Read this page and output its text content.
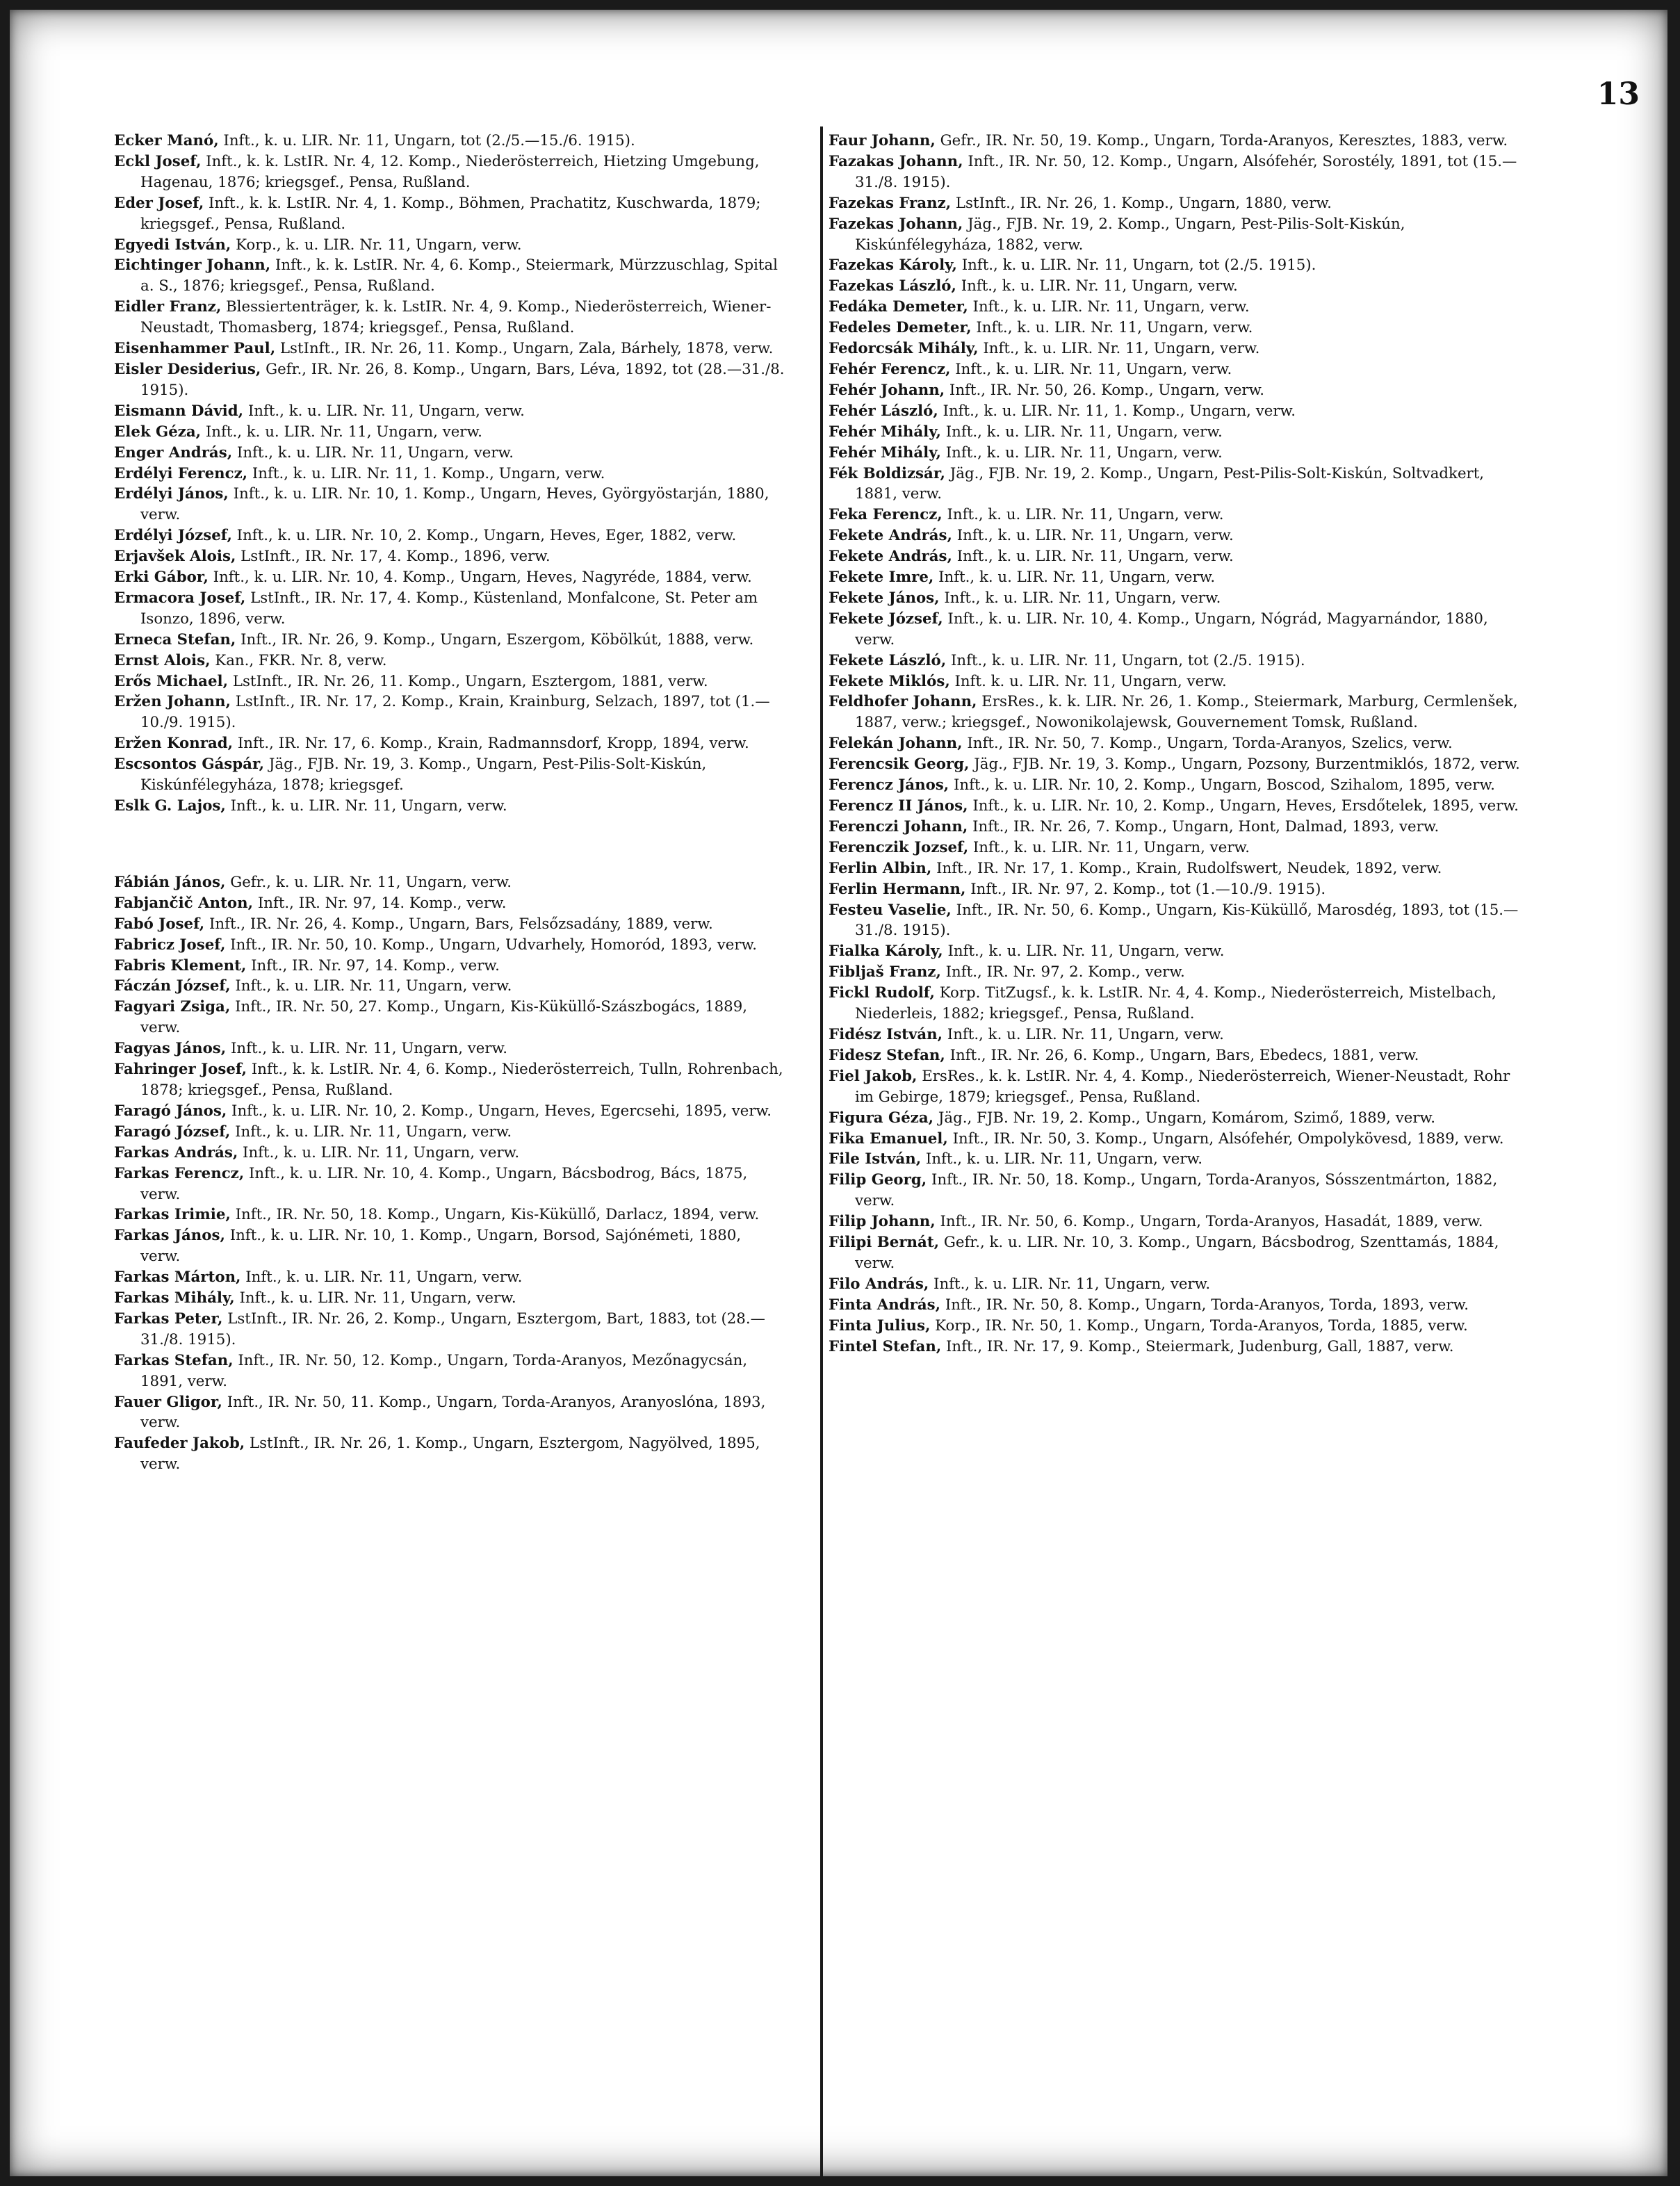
13

Ecker Manó, Inft., k. u. LIR. Nr. 11, Ungarn, tot (2./5.—15./6. 1915).

Eckl Josef, Inft., k. k. LstIR. Nr. 4, 12. Komp., Niederösterreich, Hietzing Umgebung, Hagenau, 1876; kriegsgef., Pensa, Rußland.

Eder Josef, Inft., k. k. LstIR. Nr. 4, 1. Komp., Böhmen, Prachatitz, Kuschwarda, 1879; kriegsgef., Pensa, Rußland.

Egyedi István, Korp., k. u. LIR. Nr. 11, Ungarn, verw.

Eichtinger Johann, Inft., k. k. LstIR. Nr. 4, 6. Komp., Steiermark, Mürzzuschlag, Spital a. S., 1876; kriegsgef., Pensa, Rußland.

Eidler Franz, Blessiertenträger, k. k. LstIR. Nr. 4, 9. Komp., Niederösterreich, Wiener-Neustadt, Thomasberg, 1874; kriegsgef., Pensa, Rußland.

Eisenhammer Paul, LstInft., IR. Nr. 26, 11. Komp., Ungarn, Zala, Bárhely, 1878, verw.

Eisler Desiderius, Gefr., IR. Nr. 26, 8. Komp., Ungarn, Bars, Léva, 1892, tot (28.—31./8. 1915).

Eismann Dávid, Inft., k. u. LIR. Nr. 11, Ungarn, verw.

Elek Géza, Inft., k. u. LIR. Nr. 11, Ungarn, verw.

Enger András, Inft., k. u. LIR. Nr. 11, Ungarn, verw.

Erdélyi Ferencz, Inft., k. u. LIR. Nr. 11, 1. Komp., Ungarn, verw.

Erdélyi János, Inft., k. u. LIR. Nr. 10, 1. Komp., Ungarn, Heves, Györgyöstarján, 1880, verw.

Erdélyi József, Inft., k. u. LIR. Nr. 10, 2. Komp., Ungarn, Heves, Eger, 1882, verw.

Erjavšek Alois, LstInft., IR. Nr. 17, 4. Komp., 1896, verw.

Erki Gábor, Inft., k. u. LIR. Nr. 10, 4. Komp., Ungarn, Heves, Nagyréde, 1884, verw.

Ermacora Josef, LstInft., IR. Nr. 17, 4. Komp., Küstenland, Monfalcone, St. Peter am Isonzo, 1896, verw.

Erneca Stefan, Inft., IR. Nr. 26, 9. Komp., Ungarn, Eszergom, Köbölkút, 1888, verw.

Ernst Alois, Kan., FKR. Nr. 8, verw.

Erős Michael, LstInft., IR. Nr. 26, 11. Komp., Ungarn, Esztergom, 1881, verw.

Eržen Johann, LstInft., IR. Nr. 17, 2. Komp., Krain, Krainburg, Selzach, 1897, tot (1.—10./9. 1915).

Eržen Konrad, Inft., IR. Nr. 17, 6. Komp., Krain, Radmannsdorf, Kropp, 1894, verw.

Escsontos Gáspár, Jäg., FJB. Nr. 19, 3. Komp., Ungarn, Pest-Pilis-Solt-Kiskún, Kiskúnfélegyháza, 1878; kriegsgef.

Eslk G. Lajos, Inft., k. u. LIR. Nr. 11, Ungarn, verw.

Fábián János, Gefr., k. u. LIR. Nr. 11, Ungarn, verw.

Fabjančič Anton, Inft., IR. Nr. 97, 14. Komp., verw.

Fabó Josef, Inft., IR. Nr. 26, 4. Komp., Ungarn, Bars, Felsőzsadány, 1889, verw.

Fabricz Josef, Inft., IR. Nr. 50, 10. Komp., Ungarn, Udvarhely, Homoród, 1893, verw.

Fabris Klement, Inft., IR. Nr. 97, 14. Komp., verw.

Fáczán József, Inft., k. u. LIR. Nr. 11, Ungarn, verw.

Fagyari Zsiga, Inft., IR. Nr. 50, 27. Komp., Ungarn, Kis-Küküllő-Szászbogács, 1889, verw.

Fagyas János, Inft., k. u. LIR. Nr. 11, Ungarn, verw.

Fahringer Josef, Inft., k. k. LstIR. Nr. 4, 6. Komp., Niederösterreich, Tulln, Rohrenbach, 1878; kriegsgef., Pensa, Rußland.

Faragó János, Inft., k. u. LIR. Nr. 10, 2. Komp., Ungarn, Heves, Egercsehi, 1895, verw.

Faragó József, Inft., k. u. LIR. Nr. 11, Ungarn, verw.

Farkas András, Inft., k. u. LIR. Nr. 11, Ungarn, verw.

Farkas Ferencz, Inft., k. u. LIR. Nr. 10, 4. Komp., Ungarn, Bácsbodrog, Bács, 1875, verw.

Farkas Irimie, Inft., IR. Nr. 50, 18. Komp., Ungarn, Kis-Küküllő, Darlacz, 1894, verw.

Farkas János, Inft., k. u. LIR. Nr. 10, 1. Komp., Ungarn, Borsod, Sajónémeti, 1880, verw.

Farkas Márton, Inft., k. u. LIR. Nr. 11, Ungarn, verw.

Farkas Mihály, Inft., k. u. LIR. Nr. 11, Ungarn, verw.

Farkas Peter, LstInft., IR. Nr. 26, 2. Komp., Ungarn, Esztergom, Bart, 1883, tot (28.—31./8. 1915).

Farkas Stefan, Inft., IR. Nr. 50, 12. Komp., Ungarn, Torda-Aranyos, Mezőnagycsán, 1891, verw.

Fauer Gligor, Inft., IR. Nr. 50, 11. Komp., Ungarn, Torda-Aranyos, Aranyoslóna, 1893, verw.

Faufeder Jakob, LstInft., IR. Nr. 26, 1. Komp., Ungarn, Esztergom, Nagyölved, 1895, verw.

Faur Johann, Gefr., IR. Nr. 50, 19. Komp., Ungarn, Torda-Aranyos, Keresztes, 1883, verw.

Fazakas Johann, Inft., IR. Nr. 50, 12. Komp., Ungarn, Alsófehér, Sorostély, 1891, tot (15.—31./8. 1915).

Fazekas Franz, LstInft., IR. Nr. 26, 1. Komp., Ungarn, 1880, verw.

Fazekas Johann, Jäg., FJB. Nr. 19, 2. Komp., Ungarn, Pest-Pilis-Solt-Kiskún, Kiskúnfélegyháza, 1882, verw.

Fazekas Károly, Inft., k. u. LIR. Nr. 11, Ungarn, tot (2./5. 1915).

Fazekas László, Inft., k. u. LIR. Nr. 11, Ungarn, verw.

Fedáka Demeter, Inft., k. u. LIR. Nr. 11, Ungarn, verw.

Fedeles Demeter, Inft., k. u. LIR. Nr. 11, Ungarn, verw.

Fedorcsák Mihály, Inft., k. u. LIR. Nr. 11, Ungarn, verw.

Fehér Ferencz, Inft., k. u. LIR. Nr. 11, Ungarn, verw.

Fehér Johann, Inft., IR. Nr. 50, 26. Komp., Ungarn, verw.

Fehér László, Inft., k. u. LIR. Nr. 11, 1. Komp., Ungarn, verw.

Fehér Mihály, Inft., k. u. LIR. Nr. 11, Ungarn, verw.

Fehér Mihály, Inft., k. u. LIR. Nr. 11, Ungarn, verw.

Fék Boldizsár, Jäg., FJB. Nr. 19, 2. Komp., Ungarn, Pest-Pilis-Solt-Kiskún, Soltvadkert, 1881, verw.

Feka Ferencz, Inft., k. u. LIR. Nr. 11, Ungarn, verw.

Fekete András, Inft., k. u. LIR. Nr. 11, Ungarn, verw.

Fekete András, Inft., k. u. LIR. Nr. 11, Ungarn, verw.

Fekete Imre, Inft., k. u. LIR. Nr. 11, Ungarn, verw.

Fekete János, Inft., k. u. LIR. Nr. 11, Ungarn, verw.

Fekete József, Inft., k. u. LIR. Nr. 10, 4. Komp., Ungarn, Nógrád, Magyarnándor, 1880, verw.

Fekete László, Inft., k. u. LIR. Nr. 11, Ungarn, tot (2./5. 1915).

Fekete Miklós, Inft. k. u. LIR. Nr. 11, Ungarn, verw.

Feldhofer Johann, ErsRes., k. k. LIR. Nr. 26, 1. Komp., Steiermark, Marburg, Cermlenšek, 1887, verw.; kriegsgef., Nowonikolajewsk, Gouvernement Tomsk, Rußland.

Felekán Johann, Inft., IR. Nr. 50, 7. Komp., Ungarn, Torda-Aranyos, Szelics, verw.

Ferencsik Georg, Jäg., FJB. Nr. 19, 3. Komp., Ungarn, Pozsony, Burzentmiklós, 1872, verw.

Ferencz János, Inft., k. u. LIR. Nr. 10, 2. Komp., Ungarn, Boscod, Szihalom, 1895, verw.

Ferencz II János, Inft., k. u. LIR. Nr. 10, 2. Komp., Ungarn, Heves, Ersdőtelek, 1895, verw.

Ferenczi Johann, Inft., IR. Nr. 26, 7. Komp., Ungarn, Hont, Dalmad, 1893, verw.

Ferenczik Jozsef, Inft., k. u. LIR. Nr. 11, Ungarn, verw.

Ferlin Albin, Inft., IR. Nr. 17, 1. Komp., Krain, Rudolfswert, Neudek, 1892, verw.

Ferlin Hermann, Inft., IR. Nr. 97, 2. Komp., tot (1.—10./9. 1915).

Festeu Vaselie, Inft., IR. Nr. 50, 6. Komp., Ungarn, Kis-Küküllő, Marosdég, 1893, tot (15.—31./8. 1915).

Fialka Károly, Inft., k. u. LIR. Nr. 11, Ungarn, verw.

Fibljaš Franz, Inft., IR. Nr. 97, 2. Komp., verw.

Fickl Rudolf, Korp. TitZugsf., k. k. LstIR. Nr. 4, 4. Komp., Niederösterreich, Mistelbach, Niederleis, 1882; kriegsgef., Pensa, Rußland.

Fidész István, Inft., k. u. LIR. Nr. 11, Ungarn, verw.

Fidesz Stefan, Inft., IR. Nr. 26, 6. Komp., Ungarn, Bars, Ebedecs, 1881, verw.

Fiel Jakob, ErsRes., k. k. LstIR. Nr. 4, 4. Komp., Niederösterreich, Wiener-Neustadt, Rohr im Gebirge, 1879; kriegsgef., Pensa, Rußland.

Figura Géza, Jäg., FJB. Nr. 19, 2. Komp., Ungarn, Komárom, Szimő, 1889, verw.

Fika Emanuel, Inft., IR. Nr. 50, 3. Komp., Ungarn, Alsófehér, Ompolykövesd, 1889, verw.

File István, Inft., k. u. LIR. Nr. 11, Ungarn, verw.

Filip Georg, Inft., IR. Nr. 50, 18. Komp., Ungarn, Torda-Aranyos, Sósszentmárton, 1882, verw.

Filip Johann, Inft., IR. Nr. 50, 6. Komp., Ungarn, Torda-Aranyos, Hasadát, 1889, verw.

Filipi Bernát, Gefr., k. u. LIR. Nr. 10, 3. Komp., Ungarn, Bácsbodrog, Szenttamás, 1884, verw.

Filo András, Inft., k. u. LIR. Nr. 11, Ungarn, verw.

Finta András, Inft., IR. Nr. 50, 8. Komp., Ungarn, Torda-Aranyos, Torda, 1893, verw.

Finta Julius, Korp., IR. Nr. 50, 1. Komp., Ungarn, Torda-Aranyos, Torda, 1885, verw.

Fintel Stefan, Inft., IR. Nr. 17, 9. Komp., Steiermark, Judenburg, Gall, 1887, verw.
